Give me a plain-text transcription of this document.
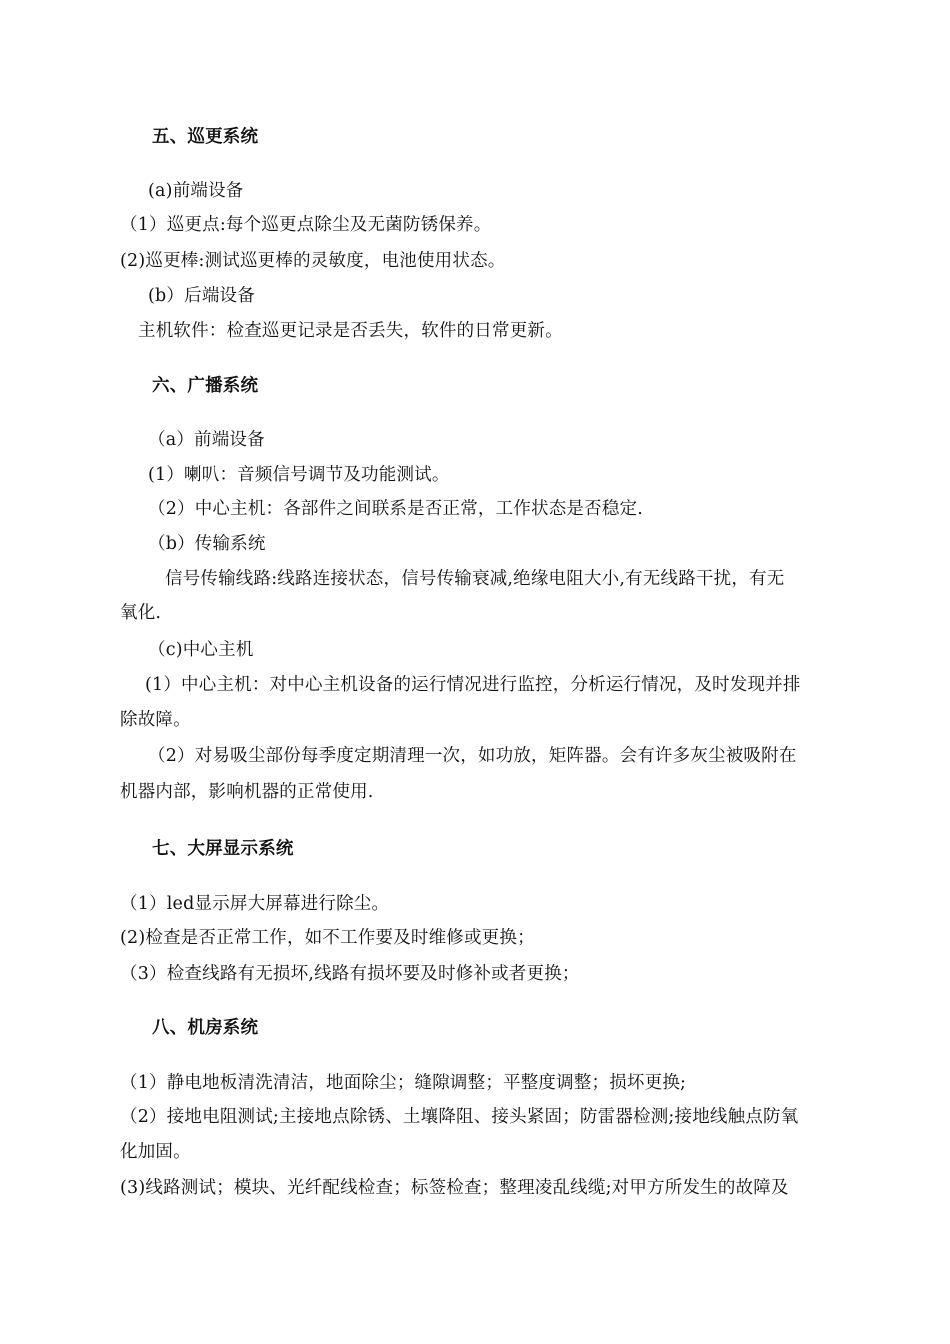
五、巡更系统
(a)前端设备
（1）巡更点:每个巡更点除尘及无菌防锈保养。
(2)巡更棒:测试巡更棒的灵敏度，电池使用状态。
(b）后端设备
主机软件：检查巡更记录是否丢失，软件的日常更新。
六、广播系统
（a）前端设备
(1）喇叭：音频信号调节及功能测试。
（2）中心主机：各部件之间联系是否正常，工作状态是否稳定.
（b）传输系统
信号传输线路:线路连接状态，信号传输衰减,绝缘电阻大小,有无线路干扰，有无
氧化.
（c)中心主机
(1）中心主机：对中心主机设备的运行情况进行监控，分析运行情况，及时发现并排
除故障。
（2）对易吸尘部份每季度定期清理一次，如功放，矩阵器。会有许多灰尘被吸附在
机器内部，影响机器的正常使用.
七、大屏显示系统
（1）led显示屏大屏幕进行除尘。
(2)检查是否正常工作，如不工作要及时维修或更换；
（3）检查线路有无损坏,线路有损坏要及时修补或者更换；
八、机房系统
（1）静电地板清洗清洁，地面除尘；缝隙调整；平整度调整；损坏更换;
（2）接地电阻测试;主接地点除锈、土壤降阻、接头紧固；防雷器检测;接地线触点防氧
化加固。
(3)线路测试；模块、光纤配线检查；标签检查；整理凌乱线缆;对甲方所发生的故障及
